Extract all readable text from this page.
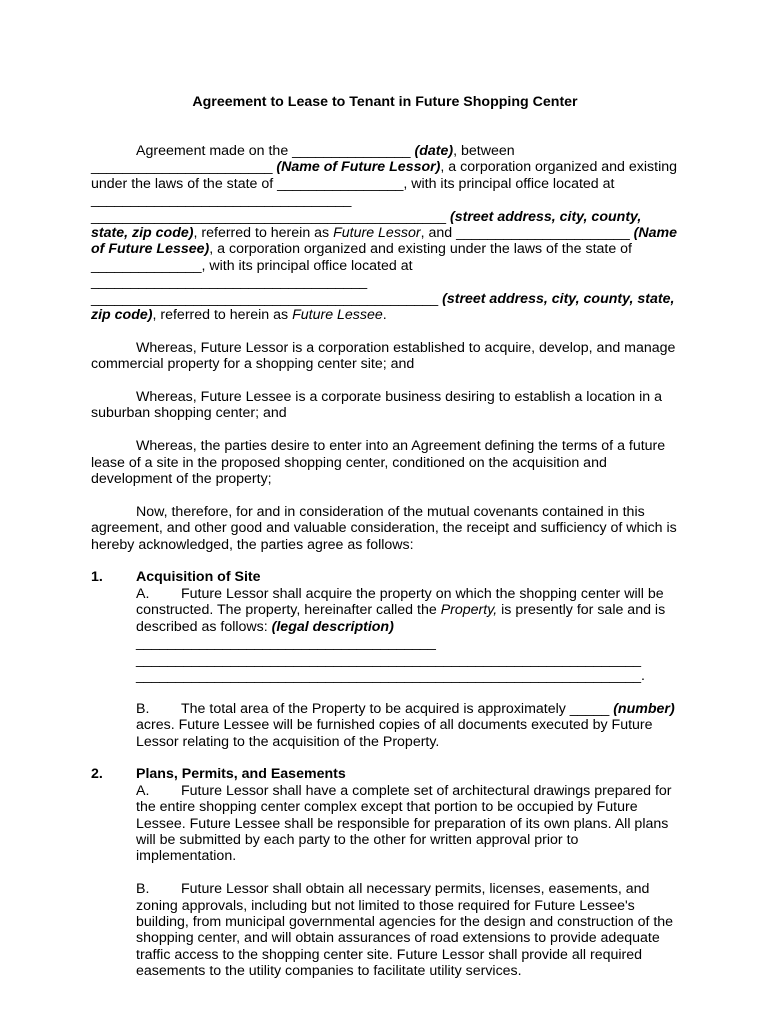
Agreement to Lease to Tenant in Future Shopping Center

Agreement made on the _______________ (date), between _______________________ (Name of Future Lessor), a corporation organized and existing under the laws of the state of ________________, with its principal office located at _________________________________ _____________________________________________ (street address, city, county, state, zip code), referred to herein as Future Lessor, and ______________________ (Name of Future Lessee), a corporation organized and existing under the laws of the state of ______________, with its principal office located at ___________________________________ ____________________________________________ (street address, city, county, state, zip code), referred to herein as Future Lessee.

Whereas, Future Lessor is a corporation established to acquire, develop, and manage commercial property for a shopping center site; and

Whereas, Future Lessee is a corporate business desiring to establish a location in a suburban shopping center; and

Whereas, the parties desire to enter into an Agreement defining the terms of a future lease of a site in the proposed shopping center, conditioned on the acquisition and development of the property;

Now, therefore, for and in consideration of the mutual covenants contained in this agreement, and other good and valuable consideration, the receipt and sufficiency of which is hereby acknowledged, the parties agree as follows:

1. Acquisition of Site

A. Future Lessor shall acquire the property on which the shopping center will be constructed. The property, hereinafter called the Property, is presently for sale and is described as follows: (legal description) ______________________________________
________________________________________________________________
________________________________________________________________.

B. The total area of the Property to be acquired is approximately _____ (number) acres. Future Lessee will be furnished copies of all documents executed by Future Lessor relating to the acquisition of the Property.

2. Plans, Permits, and Easements

A. Future Lessor shall have a complete set of architectural drawings prepared for the entire shopping center complex except that portion to be occupied by Future Lessee. Future Lessee shall be responsible for preparation of its own plans. All plans will be submitted by each party to the other for written approval prior to implementation.

B. Future Lessor shall obtain all necessary permits, licenses, easements, and zoning approvals, including but not limited to those required for Future Lessee's building, from municipal governmental agencies for the design and construction of the shopping center, and will obtain assurances of road extensions to provide adequate traffic access to the shopping center site. Future Lessor shall provide all required easements to the utility companies to facilitate utility services.
